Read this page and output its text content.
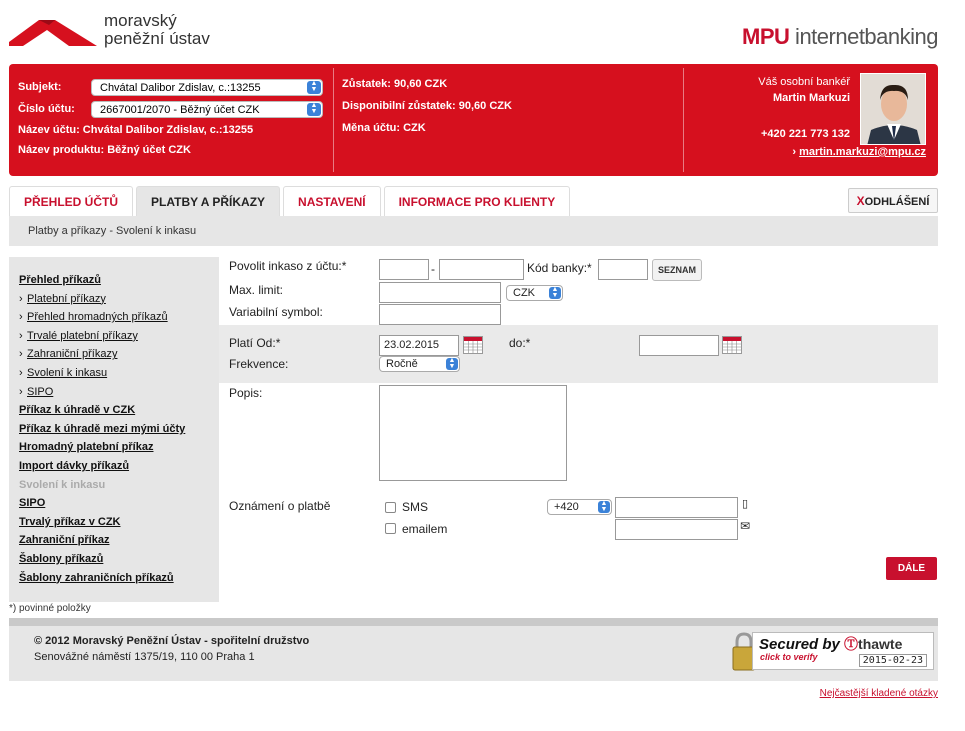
moravský
peněžní ústav	MPU internetbanking
Subjekt:	Chvátal Dalibor Zdislav, c.:13255	▲
▼
Číslo účtu:	2667001/2070 - Běžný účet CZK	▲
▼
Název účtu: Chvátal Dalibor Zdislav, c.:13255
Název produktu: Běžný účet CZK
Zůstatek: 90,60 CZK
Disponibilní zůstatek: 90,60 CZK
Měna účtu: CZK
Váš osobní bankéř
Martin Markuzi
+420 221 773 132
› martin.markuzi@mpu.cz
PŘEHLED ÚČTŮ	PLATBY A PŘÍKAZY	NASTAVENÍ	INFORMACE PRO KLIENTY	XODHLÁŠENÍ
Platby a příkazy - Svolení k inkasu
Přehled příkazů
› Platební příkazy
› Přehled hromadných příkazů
› Trvalé platební příkazy
› Zahraniční příkazy
› Svolení k inkasu
› SIPO
Příkaz k úhradě v CZK
Příkaz k úhradě mezi mými účty
Hromadný platební příkaz
Import dávky příkazů
Svolení k inkasu
SIPO
Trvalý příkaz v CZK
Zahraniční příkaz
Šablony příkazů
Šablony zahraničních příkazů
Povolit inkaso z účtu:*	-	Kód banky:*	SEZNAM
Max. limit:	CZK	▲
▼
Variabilní symbol:
Platí Od:*	23.02.2015	do:*
Frekvence:	Ročně	▲
▼
Popis:
Oznámení o platbě	SMS	+420	▲
▼	▯
emailem	✉
DÁLE
*) povinné položky
© 2012 Moravský Peněžní Ústav - spořitelní družstvo
Senovážné náměstí 1375/19, 110 00 Praha 1
Secured by Ⓣthawte
click to verify	2015-02-23
Nejčastější kladené otázky
